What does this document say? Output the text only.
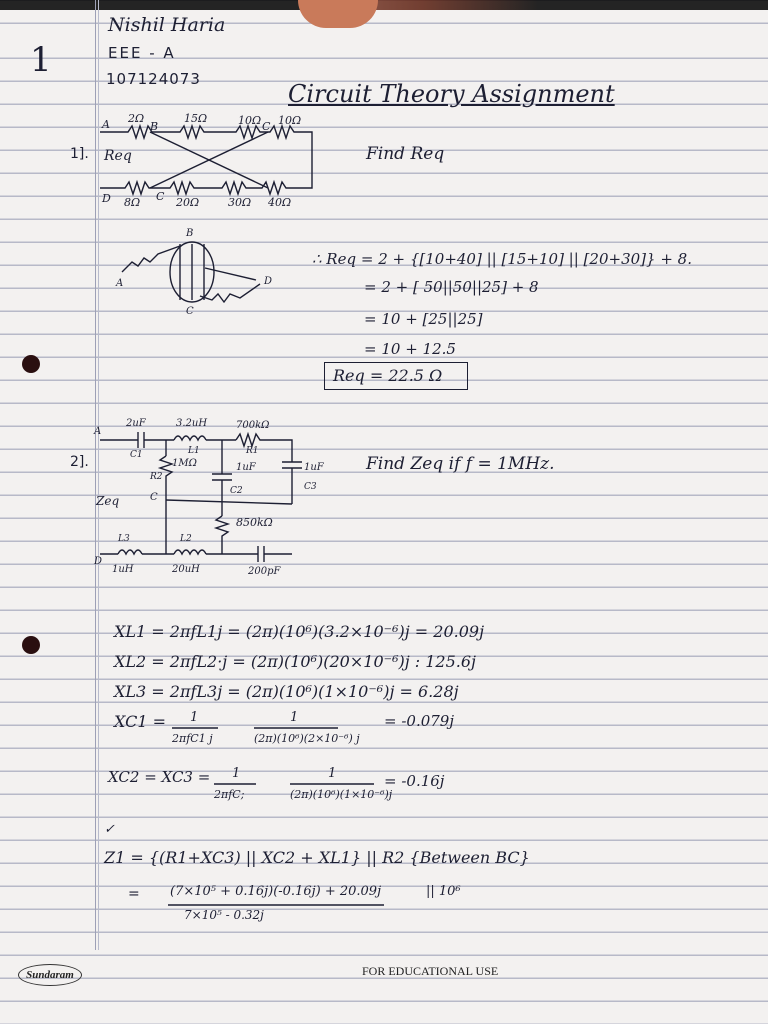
1
Nishil Haria
EEE - A
107124073
Circuit Theory Assignment
1]. Req
A	B	C
D	C
2Ω	15Ω	10Ω 10Ω
8Ω	20Ω	30Ω 40Ω
Find Req
B
A
C
D
∴ Req = 2 + {[10+40] || [15+10] || [20+30]} + 8.
= 2 + [ 50||50||25] + 8
= 10 + [25||25]
= 10 + 12.5
Req = 22.5 Ω
2].
A
D
C
Zeq
2uF	3.2uH	700kΩ
C1	L1	R1
1MΩ
R2
1uF
C2
1uF
C3
850kΩ
L3	L2
1uH	20uH	200pF
Find Zeq if f = 1MHz.
XL1 = 2πfL1j = (2π)(10⁶)(3.2×10⁻⁶)j = 20.09j
XL2 = 2πfL2·j = (2π)(10⁶)(20×10⁻⁶)j : 125.6j
XL3 = 2πfL3j = (2π)(10⁶)(1×10⁻⁶)j = 6.28j
XC1 = 1
2πfC1 j
1
(2π)(10⁶)(2×10⁻⁶) j
= -0.079j
XC2 = XC3 = 1
2πfC;
1
(2π)(10⁶)(1×10⁻⁶)j
= -0.16j
✓
Z1 = {(R1+XC3) || XC2 + XL1} || R2 {Between BC}
= (7×10⁵ + 0.16j)(-0.16j) + 20.09j
7×10⁵ - 0.32j
|| 10⁶
Sundaram	FOR EDUCATIONAL USE
